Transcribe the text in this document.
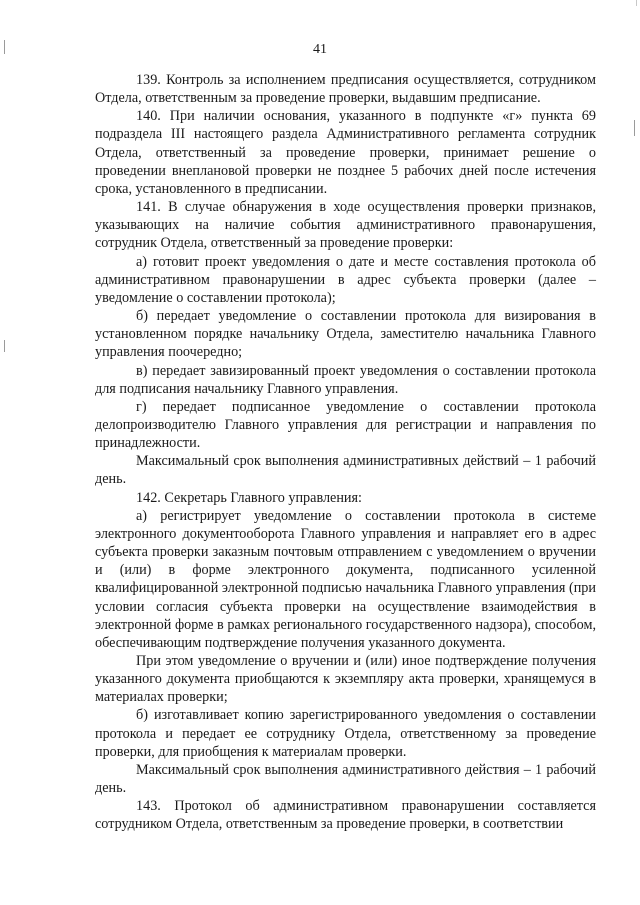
41

139. Контроль за исполнением предписания осуществляется, сотрудником Отдела, ответственным за проведение проверки, выдавшим предписание.

140. При наличии основания, указанного в подпункте «г» пункта 69 подраздела III настоящего раздела Административного регламента сотрудник Отдела, ответственный за проведение проверки, принимает решение о проведении внеплановой проверки не позднее 5 рабочих дней после истечения срока, установленного в предписании.

141. В случае обнаружения в ходе осуществления проверки признаков, указывающих на наличие события административного правонарушения, сотрудник Отдела, ответственный за проведение проверки:

а) готовит проект уведомления о дате и месте составления протокола об административном правонарушении в адрес субъекта проверки (далее – уведомление о составлении протокола);

б) передает уведомление о составлении протокола для визирования в установленном порядке начальнику Отдела, заместителю начальника Главного управления поочередно;

в) передает завизированный проект уведомления о составлении протокола для подписания начальнику Главного управления.

г) передает подписанное уведомление о составлении протокола делопроизводителю Главного управления для регистрации и направления по принадлежности.

Максимальный срок выполнения административных действий – 1 рабочий день.

142. Секретарь Главного управления:

а) регистрирует уведомление о составлении протокола в системе электронного документооборота Главного управления и направляет его в адрес субъекта проверки заказным почтовым отправлением с уведомлением о вручении и (или) в форме электронного документа, подписанного усиленной квалифицированной электронной подписью начальника Главного управления (при условии согласия субъекта проверки на осуществление взаимодействия в электронной форме в рамках регионального государственного надзора), способом, обеспечивающим подтверждение получения указанного документа.

При этом уведомление о вручении и (или) иное подтверждение получения указанного документа приобщаются к экземпляру акта проверки, хранящемуся в материалах проверки;

б) изготавливает копию зарегистрированного уведомления о составлении протокола и передает ее сотруднику Отдела, ответственному за проведение проверки, для приобщения к материалам проверки.

Максимальный срок выполнения административного действия – 1 рабочий день.

143. Протокол об административном правонарушении составляется сотрудником Отдела, ответственным за проведение проверки, в соответствии
